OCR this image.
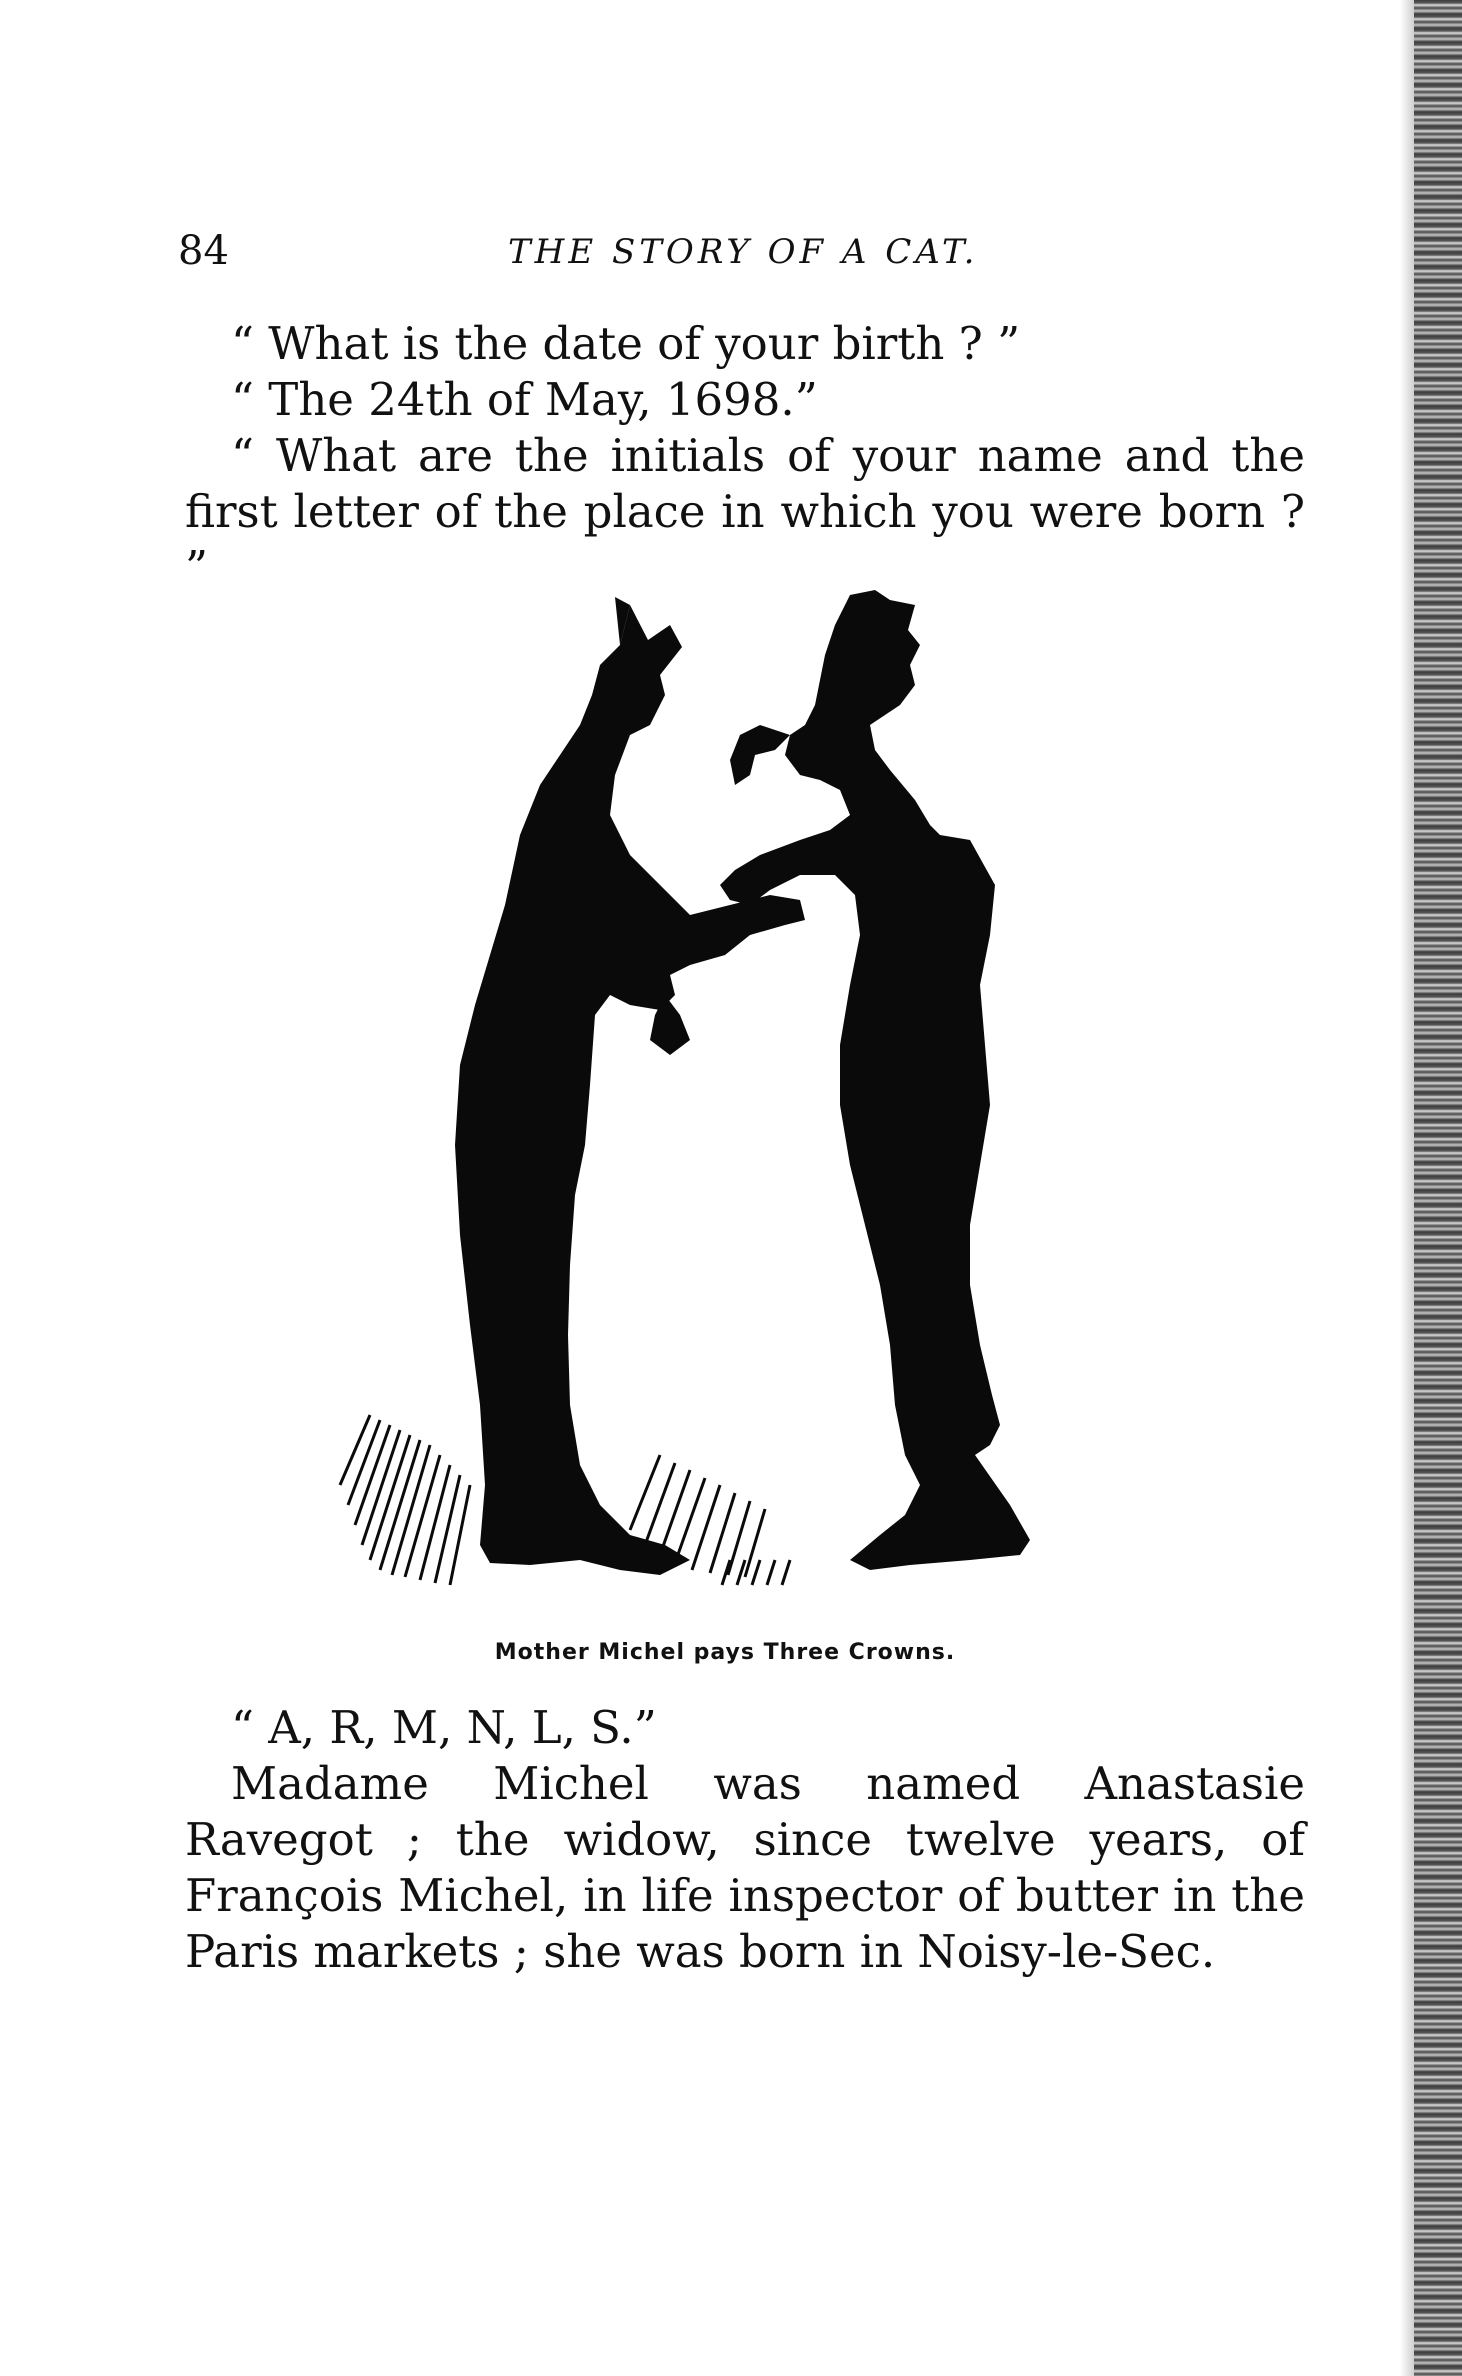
84	THE STORY OF A CAT.

“ What is the date of your birth ? ”

“ The 24th of May, 1698.”

“ What are the initials of your name and the first letter of the place in which you were born ? ”

Mother Michel pays Three Crowns.

“ A, R, M, N, L, S.”

Madame Michel was named Anastasie Ravegot ; the widow, since twelve years, of François Michel, in life inspector of butter in the Paris markets ; she was born in Noisy-le-Sec.
